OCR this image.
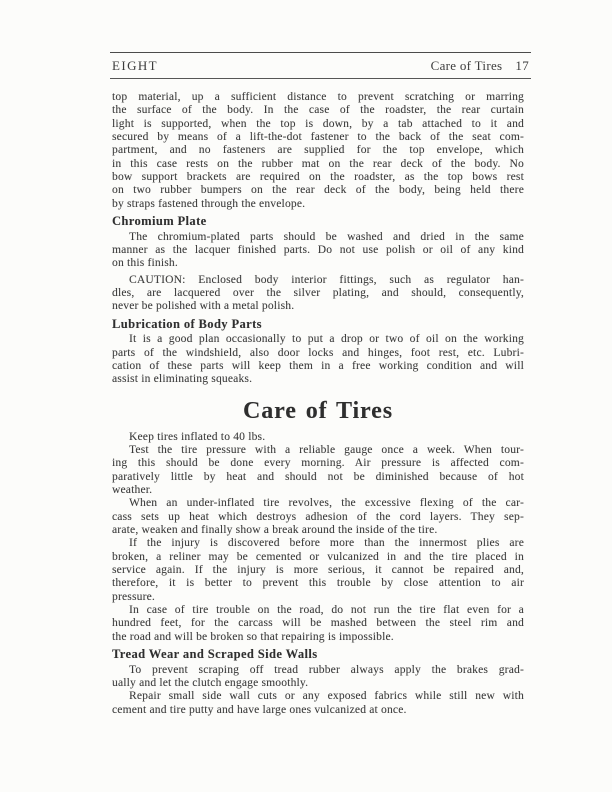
EIGHT	Care of Tires 17
top material, up a sufficient distance to prevent scratching or marring
the surface of the body. In the case of the roadster, the rear curtain
light is supported, when the top is down, by a tab attached to it and
secured by means of a lift-the-dot fastener to the back of the seat com-
partment, and no fasteners are supplied for the top envelope, which
in this case rests on the rubber mat on the rear deck of the body. No
bow support brackets are required on the roadster, as the top bows rest
on two rubber bumpers on the rear deck of the body, being held there
by straps fastened through the envelope.
Chromium Plate
The chromium-plated parts should be washed and dried in the same
manner as the lacquer finished parts. Do not use polish or oil of any kind
on this finish.
CAUTION: Enclosed body interior fittings, such as regulator han-
dles, are lacquered over the silver plating, and should, consequently,
never be polished with a metal polish.
Lubrication of Body Parts
It is a good plan occasionally to put a drop or two of oil on the working
parts of the windshield, also door locks and hinges, foot rest, etc. Lubri-
cation of these parts will keep them in a free working condition and will
assist in eliminating squeaks.
Care of Tires
Keep tires inflated to 40 lbs.
Test the tire pressure with a reliable gauge once a week. When tour-
ing this should be done every morning. Air pressure is affected com-
paratively little by heat and should not be diminished because of hot
weather.
When an under-inflated tire revolves, the excessive flexing of the car-
cass sets up heat which destroys adhesion of the cord layers. They sep-
arate, weaken and finally show a break around the inside of the tire.
If the injury is discovered before more than the innermost plies are
broken, a reliner may be cemented or vulcanized in and the tire placed in
service again. If the injury is more serious, it cannot be repaired and,
therefore, it is better to prevent this trouble by close attention to air
pressure.
In case of tire trouble on the road, do not run the tire flat even for a
hundred feet, for the carcass will be mashed between the steel rim and
the road and will be broken so that repairing is impossible.
Tread Wear and Scraped Side Walls
To prevent scraping off tread rubber always apply the brakes grad-
ually and let the clutch engage smoothly.
Repair small side wall cuts or any exposed fabrics while still new with
cement and tire putty and have large ones vulcanized at once.
